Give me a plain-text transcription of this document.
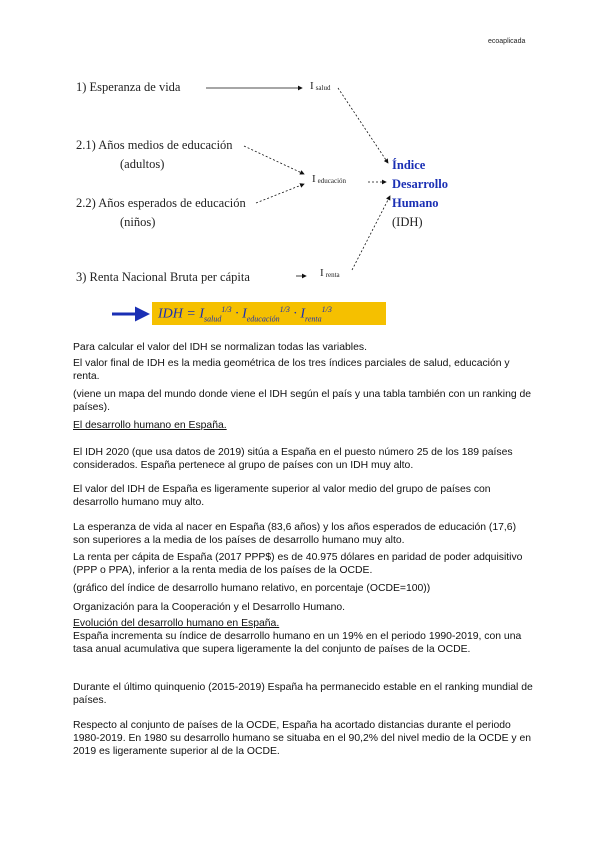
ecoaplicada
1) Esperanza de vida
2.1) Años medios de educación
(adultos)
2.2) Años esperados de educación
(niños)
3) Renta Nacional Bruta per cápita
I $_{salud}$
I $_{educación}$
I $_{renta}$
Índice
Desarrollo
Humano
(IDH)
IDH = $I_{salud}^{1/3} \cdot I_{educación}^{1/3} \cdot I_{renta}^{1/3}$
Para calcular el valor del IDH se normalizan todas las variables.
El valor final de IDH es la media geométrica de los tres índices parciales de salud, educación y renta.
(viene un mapa del mundo donde viene el IDH según el país y una tabla también con un ranking de países).
El desarrollo humano en España.
El IDH 2020 (que usa datos de 2019) sitúa a España en el puesto número 25 de los 189 países considerados. España pertenece al grupo de países con un IDH muy alto.
El valor del IDH de España es ligeramente superior al valor medio del grupo de países con desarrollo humano muy alto.
La esperanza de vida al nacer en España (83,6 años) y los años esperados de educación (17,6) son superiores a la media de los países de desarrollo humano muy alto.
La renta per cápita de España (2017 PPP$) es de 40.975 dólares en paridad de poder adquisitivo (PPP o PPA), inferior a la renta media de los países de la OCDE.
(gráfico del índice de desarrollo humano relativo, en porcentaje (OCDE=100))
Organización para la Cooperación y el Desarrollo Humano.
Evolución del desarrollo humano en España.
España incrementa su índice de desarrollo humano en un 19% en el periodo 1990-2019, con una tasa anual acumulativa que supera ligeramente la del conjunto de países de la OCDE.
Durante el último quinquenio (2015-2019) España ha permanecido estable en el ranking mundial de países.
Respecto al conjunto de países de la OCDE, España ha acortado distancias durante el periodo 1980-2019. En 1980 su desarrollo humano se situaba en el 90,2% del nivel medio de la OCDE y en 2019 es ligeramente superior al de la OCDE.
